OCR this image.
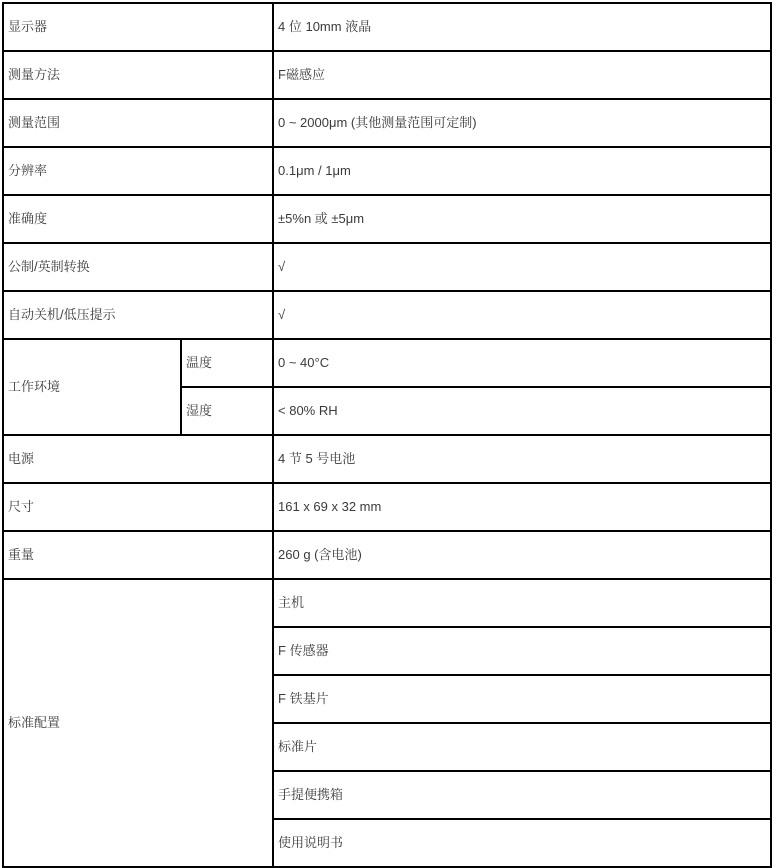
显示器		4 位 10mm 液晶
测量方法		F磁感应
测量范围		0 ~ 2000μm (其他测量范围可定制)
分辨率		0.1μm / 1μm
准确度		±5%n 或 ±5μm
公制/英制转换		√
自动关机/低压提示		√
工作环境	温度	0 ~ 40°C
	湿度	< 80% RH
电源		4 节 5 号电池
尺寸		161 x 69 x 32 mm
重量		260 g (含电池)
标准配置		主机
		F 传感器
		F 铁基片
		标准片
		手提便携箱
		使用说明书
